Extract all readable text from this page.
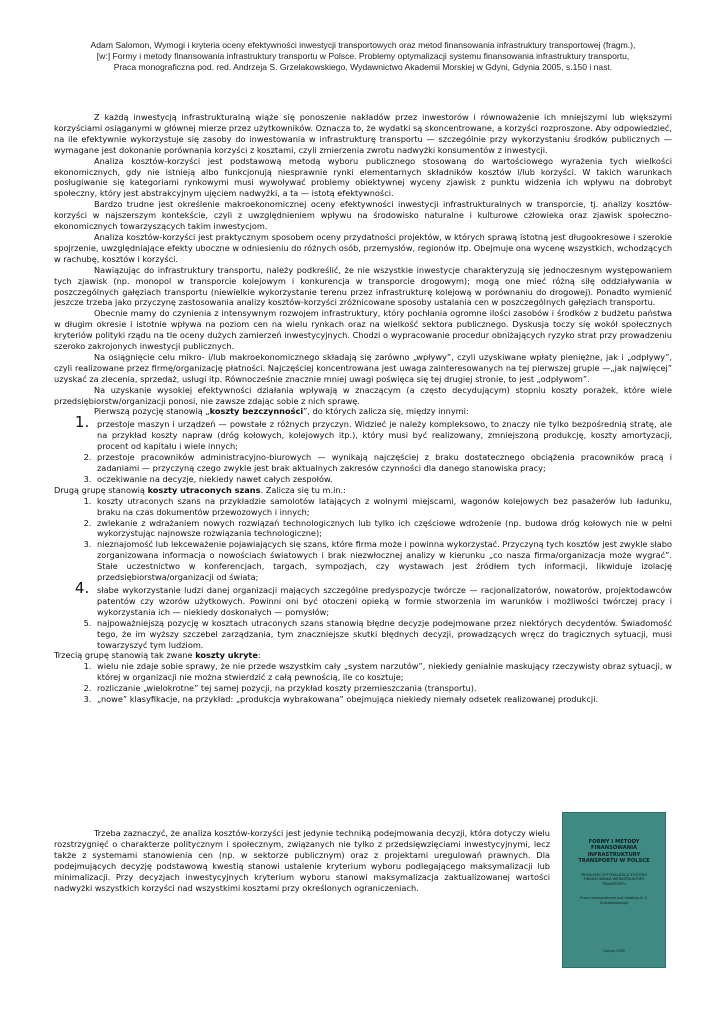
Adam Salomon, Wymogi i kryteria oceny efektywności inwestycji transportowych oraz metod finansowania infrastruktury transportowej (fragm.),
[w:] Formy i metody finansowania infrastruktury transportu w Polsce. Problemy optymalizacji systemu finansowania infrastruktury transportu,
Praca monograficzna pod. red. Andrzeja S. Grzelakowskiego, Wydawnictwo Akademii Morskiej w Gdyni, Gdynia 2005, s.150 i nast.

Z każdą inwestycją infrastrukturalną wiąże się ponoszenie nakładów przez inwestorów i równoważenie ich mniejszymi lub większymi korzyściami osiąganymi w głównej mierze przez użytkowników. Oznacza to, że wydatki są skoncentrowane, a korzyści rozproszone. Aby odpowiedzieć, na ile efektywnie wykorzystuje się zasoby do inwestowania w infrastrukturę transportu — szczególnie przy wykorzystaniu środków publicznych — wymagane jest dokonanie porównania korzyści z kosztami, czyli zmierzenia zwrotu nadwyżki konsumentów z inwestycji.

Analiza kosztów-korzyści jest podstawową metodą wyboru publicznego stosowaną do wartościowego wyrażenia tych wielkości ekonomicznych, gdy nie istnieją albo funkcjonują niesprawnie rynki elementarnych składników kosztów i/lub korzyści. W takich warunkach posługiwanie się kategoriami rynkowymi musi wywoływać problemy obiektywnej wyceny zjawisk z punktu widzenia ich wpływu na dobrobyt społeczny, który jest abstrakcyjnym ujęciem nadwyżki, a ta — istotą efektywności.

Bardzo trudne jest określenie makroekonomicznej oceny efektywności inwestycji infrastrukturalnych w transporcie, tj. analizy kosztów-korzyści w najszerszym kontekście, czyli z uwzględnieniem wpływu na środowisko naturalne i kulturowe człowieka oraz zjawisk społeczno-ekonomicznych towarzyszących takim inwestycjom.

Analiza kosztów-korzyści jest praktycznym sposobem oceny przydatności projektów, w których sprawą istotną jest długookresowe i szerokie spojrzenie, uwzględniające efekty uboczne w odniesieniu do różnych osób, przemysłów, regionów itp. Obejmuje ona wycenę wszystkich, wchodzących w rachubę, kosztów i korzyści.

Nawiązując do infrastruktury transportu, należy podkreślić, że nie wszystkie inwestycje charakteryzują się jednoczesnym występowaniem tych zjawisk (np. monopol w transporcie kolejowym i konkurencja w transporcie drogowym); mogą one mieć różną siłę oddziaływania w poszczególnych gałęziach transportu (niewielkie wykorzystanie terenu przez infrastrukturę kolejową w porównaniu do drogowej). Ponadto wymienić jeszcze trzeba jako przyczynę zastosowania analizy kosztów-korzyści zróżnicowane sposoby ustalania cen w poszczególnych gałęziach transportu.

Obecnie mamy do czynienia z intensywnym rozwojem infrastruktury, który pochłania ogromne ilości zasobów i środków z budżetu państwa w długim okresie i istotnie wpływa na poziom cen na wielu rynkach oraz na wielkość sektora publicznego. Dyskusja toczy się wokół społecznych kryteriów polityki rządu na tle oceny dużych zamierzeń inwestycyjnych. Chodzi o wypracowanie procedur obniżających ryzyko strat przy prowadzeniu szeroko zakrojonych inwestycji publicznych.

Na osiągnięcie celu mikro- i/lub makroekonomicznego składają się zarówno „wpływy”, czyli uzyskiwane wpłaty pieniężne, jak i „odpływy”, czyli realizowane przez firmę/organizację płatności. Najczęściej koncentrowana jest uwaga zainteresowanych na tej pierwszej grupie —„jak najwięcej” uzyskać za zlecenia, sprzedaż, usługi itp. Równocześnie znacznie mniej uwagi poświęca się tej drugiej stronie, to jest „odpływom”.

Na uzyskanie wysokiej efektywności działania wpływają w znaczącym (a często decydującym) stopniu koszty porażek, które wiele przedsiębiorstw/organizacji ponosi, nie zawsze zdając sobie z nich sprawę.

Pierwszą pozycję stanowią „koszty bezczynności”, do których zalicza się, między innymi:

1. przestoje maszyn i urządzeń — powstałe z różnych przyczyn. Widzieć je należy kompleksowo, to znaczy nie tylko bezpośrednią stratę, ale na przykład koszty napraw (dróg kołowych, kolejowych itp.), który musi być realizowany, zmniejszoną produkcję, koszty amortyzacji, procent od kapitału i wiele innych;
2. przestoje pracowników administracyjno-biurowych — wynikają najczęściej z braku dostatecznego obciążenia pracowników pracą i zadaniami — przyczyną czego zwykle jest brak aktualnych zakresów czynności dla danego stanowiska pracy;
3. oczekiwanie na decyzje, niekiedy nawet całych zespołów.

Drugą grupę stanowią koszty utraconych szans. Zalicza się tu m.in.:

1. koszty utraconych szans na przykładzie samolotów latających z wolnymi miejscami, wagonów kolejowych bez pasażerów lub ładunku, braku na czas dokumentów przewozowych i innych;
2. zwlekanie z wdrażaniem nowych rozwiązań technologicznych lub tylko ich częściowe wdrożenie (np. budowa dróg kołowych nie w pełni wykorzystując najnowsze rozwiązania technologiczne);
3. nieznajomość lub lekceważenie pojawiających się szans, które firma może i powinna wykorzystać. Przyczyną tych kosztów jest zwykle słabo zorganizowana informacja o nowościach światowych i brak niezwłocznej analizy w kierunku „co nasza firma/organizacja może wygrać”. Stałe uczestnictwo w konferencjach, targach, sympozjach, czy wystawach jest źródłem tych informacji, likwiduje izolację przedsiębiorstwa/organizacji od świata;
4. słabe wykorzystanie ludzi danej organizacji mających szczególne predyspozycje twórcze — racjonalizatorów, nowatorów, projektodawców patentów czy wzorów użytkowych. Powinni oni być otoczeni opieką w formie stworzenia im warunków i możliwości twórczej pracy i wykorzystania ich — niekiedy doskonałych — pomysłów;
5. najpoważniejszą pozycję w kosztach utraconych szans stanowią błędne decyzje podejmowane przez niektórych decydentów. Świadomość tego, że im wyższy szczebel zarządzania, tym znaczniejsze skutki błędnych decyzji, prowadzących wręcz do tragicznych sytuacji, musi towarzyszyć tym ludziom.

Trzecią grupę stanowią tak zwane koszty ukryte:

1. wielu nie zdaje sobie sprawy, że nie przede wszystkim cały „system narzutów”, niekiedy genialnie maskujący rzeczywisty obraz sytuacji, w której w organizacji nie można stwierdzić z całą pewnością, ile co kosztuje;
2. rozliczanie „wielokrotne” tej samej pozycji, na przykład koszty przemieszczania (transportu).
3. „nowe” klasyfikacje, na przykład: „produkcja wybrakowana” obejmująca niekiedy niemały odsetek realizowanej produkcji.

Trzeba zaznaczyć, że analiza kosztów-korzyści jest jedynie techniką podejmowania decyzji, która dotyczy wielu rozstrzygnięć o charakterze politycznym i społecznym, związanych nie tylko z przedsięwzięciami inwestycyjnymi, lecz także z systemami stanowienia cen (np. w sektorze publicznym) oraz z projektami uregulowań prawnych. Dla podejmujących decyzję podstawową kwestią stanowi ustalenie kryterium wyboru podlegającego maksymalizacji lub minimalizacji. Przy decyzjach inwestycyjnych kryterium wyboru stanowi maksymalizacja zaktualizowanej wartości nadwyżki wszystkich korzyści nad wszystkimi kosztami przy określonych ograniczeniach.

FORMY I METODY FINANSOWANIA INFRASTRUKTURY TRANSPORTU W POLSCE
PROBLEMY OPTYMALIZACJI SYSTEMU FINANSOWANIA INFRASTRUKTURY TRANSPORTU
Praca monograficzna pod redakcją A. S. Grzelakowskiego
Gdynia 2005
